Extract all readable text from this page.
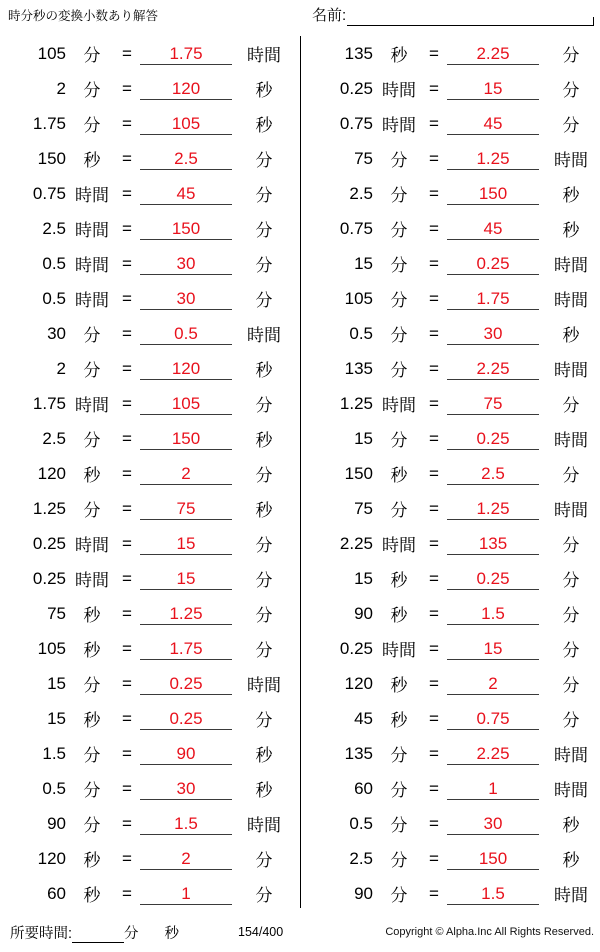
時分秒の変換小数あり解答	名前:
105	分	=	1.75	時間
2	分	=	120	秒
1.75	分	=	105	秒
150	秒	=	2.5	分
0.75 時間 =	45	分
2.5 時間 =	150	分
0.5 時間 =	30	分
0.5 時間 =	30	分
30	分	=	0.5	時間
2	分	=	120	秒
1.75 時間 =	105	分
2.5	分	=	150	秒
120	秒	=	2	分
1.25	分	=	75	秒
0.25 時間 =	15	分
0.25 時間 =	15	分
75	秒	=	1.25	分
105	秒	=	1.75	分
15	分	=	0.25	時間
15	秒	=	0.25	分
1.5	分	=	90	秒
0.5	分	=	30	秒
90	分	=	1.5	時間
120	秒	=	2	分
60	秒	=	1	分
135	秒	=	2.25	分
0.25 時間 =	15	分
0.75 時間 =	45	分
75	分	=	1.25	時間
2.5	分	=	150	秒
0.75	分	=	45	秒
15	分	=	0.25	時間
105	分	=	1.75	時間
0.5	分	=	30	秒
135	分	=	2.25	時間
1.25 時間 =	75	分
15	分	=	0.25	時間
150	秒	=	2.5	分
75	分	=	1.25	時間
2.25 時間 =	135	分
15	秒	=	0.25	分
90	秒	=	1.5	分
0.25 時間 =	15	分
120	秒	=	2	分
45	秒	=	0.75	分
135	分	=	2.25	時間
60	分	=	1	時間
0.5	分	=	30	秒
2.5	分	=	150	秒
90	分	=	1.5	時間
所要時間:	分 秒	154/400	Copyright © Alpha.Inc All Rights Reserved.
